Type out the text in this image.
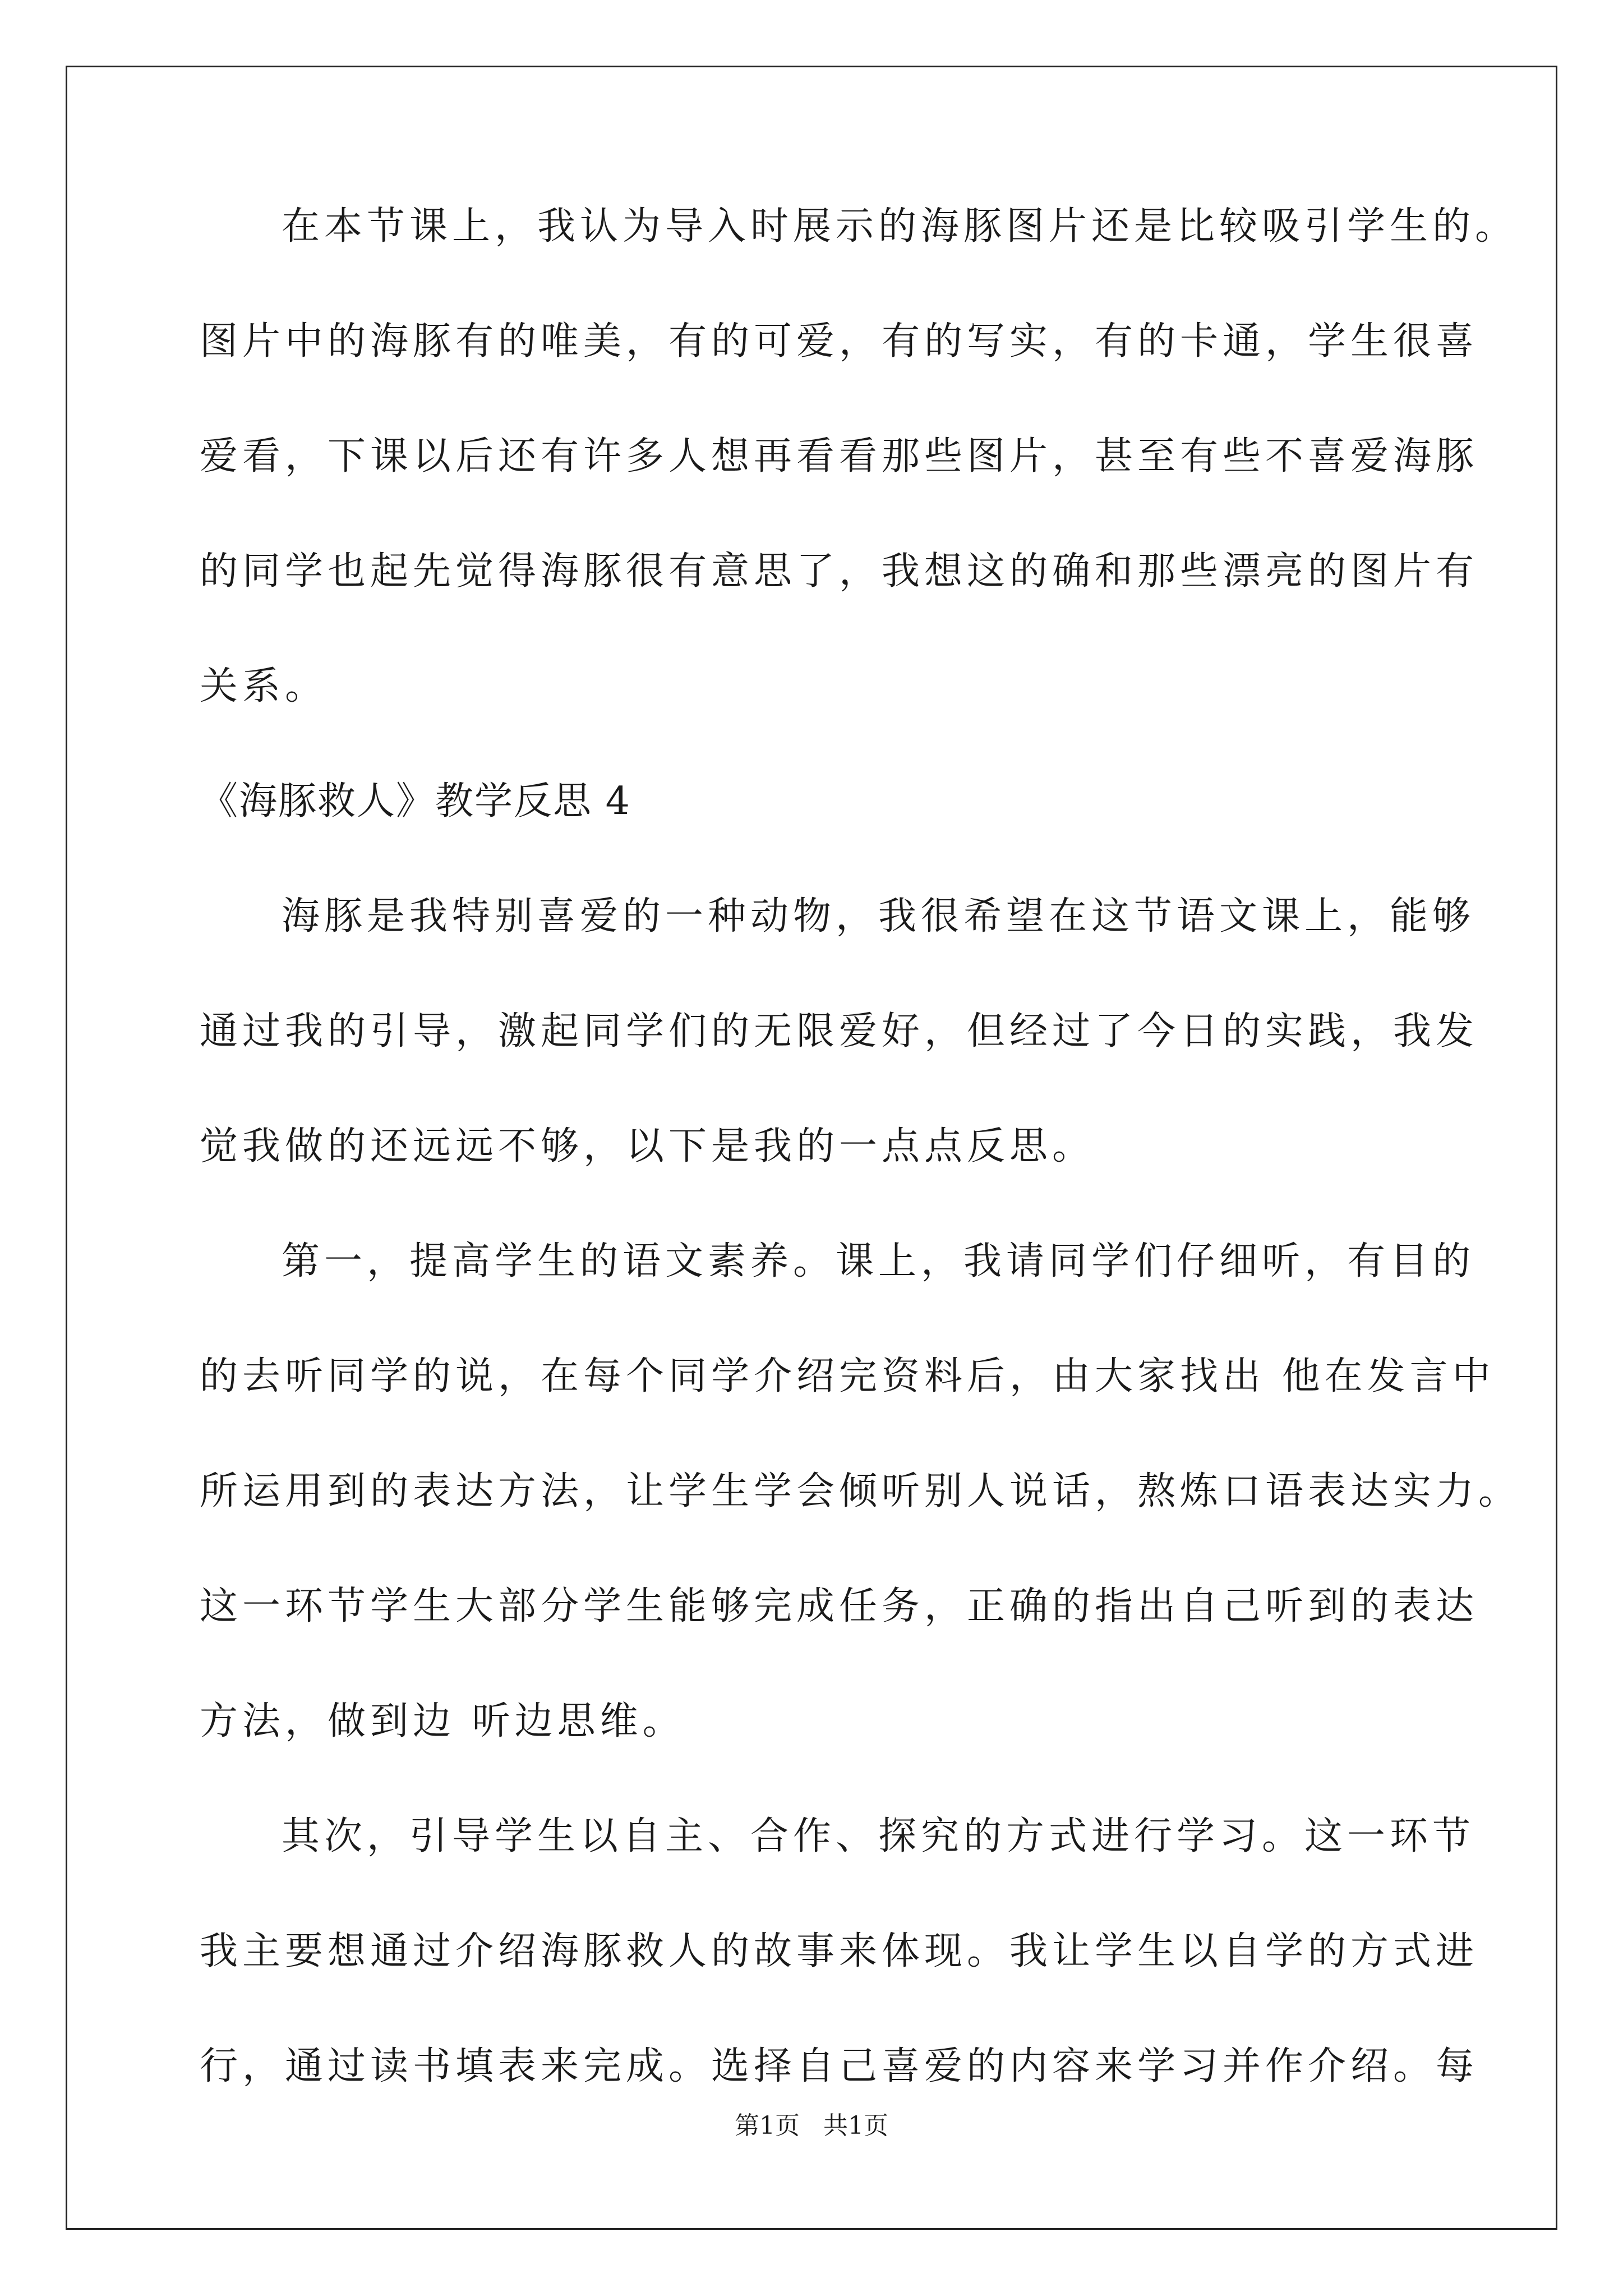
在本节课上，我认为导入时展示的海豚图片还是比较吸引学生的。
图片中的海豚有的唯美，有的可爱，有的写实，有的卡通，学生很喜
爱看，下课以后还有许多人想再看看那些图片，甚至有些不喜爱海豚
的同学也起先觉得海豚很有意思了，我想这的确和那些漂亮的图片有
关系。
《海豚救人》教学反思 4
海豚是我特别喜爱的一种动物，我很希望在这节语文课上，能够
通过我的引导，激起同学们的无限爱好，但经过了今日的实践，我发
觉我做的还远远不够，以下是我的一点点反思。
第一，提高学生的语文素养。课上，我请同学们仔细听，有目的
的去听同学的说，在每个同学介绍完资料后，由大家找出 他在发言中
所运用到的表达方法，让学生学会倾听别人说话，熬炼口语表达实力。
这一环节学生大部分学生能够完成任务，正确的指出自己听到的表达
方法，做到边 听边思维。
其次，引导学生以自主、合作、探究的方式进行学习。这一环节
我主要想通过介绍海豚救人的故事来体现。我让学生以自学的方式进
行，通过读书填表来完成。选择自己喜爱的内容来学习并作介绍。每
第1页   共1页
